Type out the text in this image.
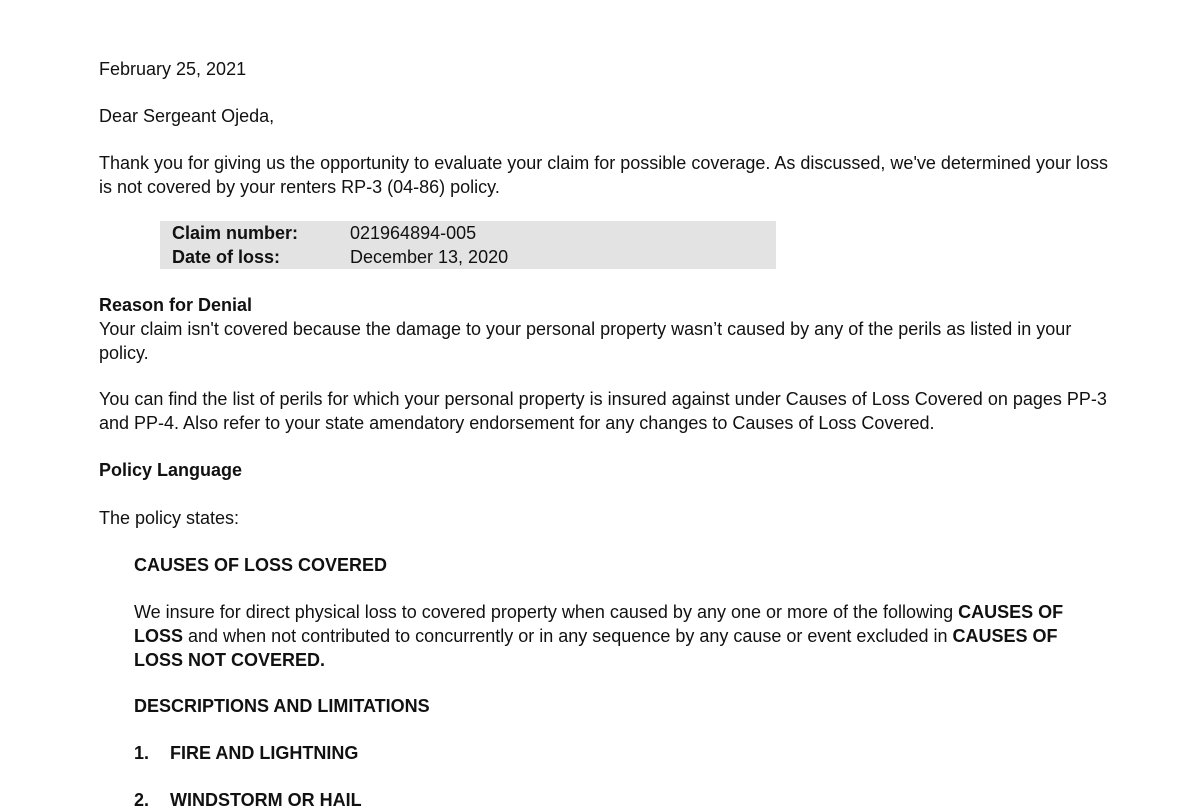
February 25, 2021

Dear Sergeant Ojeda,

Thank you for giving us the opportunity to evaluate your claim for possible coverage. As discussed, we've determined your loss is not covered by your renters RP-3 (04-86) policy.

Claim number:	021964894-005
Date of loss:	December 13, 2020

Reason for Denial

Your claim isn't covered because the damage to your personal property wasn’t caused by any of the perils as listed in your policy.

You can find the list of perils for which your personal property is insured against under Causes of Loss Covered on pages PP-3 and PP-4. Also refer to your state amendatory endorsement for any changes to Causes of Loss Covered.

Policy Language

The policy states:

CAUSES OF LOSS COVERED

We insure for direct physical loss to covered property when caused by any one or more of the following CAUSES OF LOSS and when not contributed to concurrently or in any sequence by any cause or event excluded in CAUSES OF LOSS NOT COVERED.

DESCRIPTIONS AND LIMITATIONS

1. FIRE AND LIGHTNING
2. WINDSTORM OR HAIL
